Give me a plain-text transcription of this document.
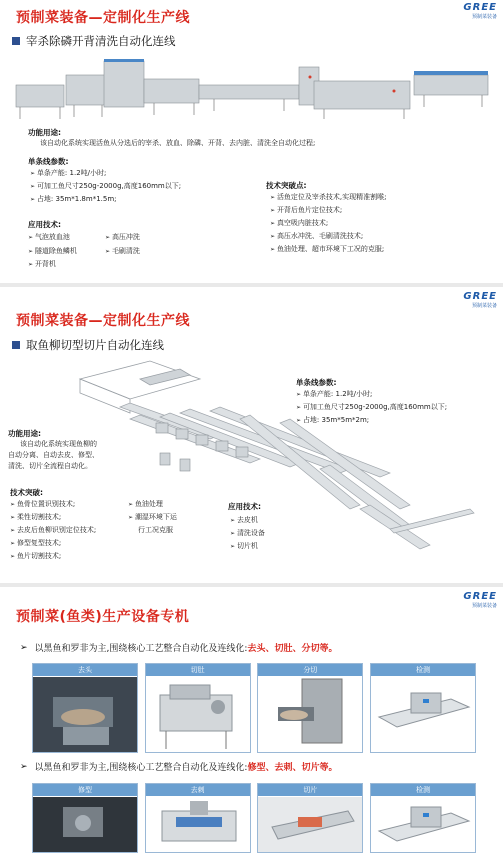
预制菜装备—定制化生产线
GREE
预制菜装备
宰杀除磷开背清洗自动化连线
功能用途:
该自动化系统实现活鱼从分选后的宰杀、放血、除磷、开背、去内脏、清洗全自动化过程;
单条线参数:
➢ 单条产能: 1.2吨/小时;
➢ 可加工鱼尺寸250g-2000g,高度160mm以下;
➢ 占地: 35m*1.8m*1.5m;
应用技术:
➢ 气泡放血池
➢ 隧道除鱼鳞机
➢ 开背机
➢ 高压冲洗
➢ 毛刷清洗
技术突破点:
➢ 活鱼定位及宰杀技术,实现精准割喉;
➢ 开背后鱼片定位技术;
➢ 真空吸内脏技术;
➢ 高压水冲洗、毛刷清洗技术;
➢ 鱼油处理、超市环境下工况的克服;
GREE
预制菜装备
预制菜装备—定制化生产线
取鱼柳切型切片自动化连线
单条线参数:
➢ 单条产能: 1.2吨/小时;
➢ 可加工鱼尺寸250g-2000g,高度160mm以下;
➢ 占地: 35m*5m*2m;
功能用途:
该自动化系统实现鱼柳的
自动分离、自动去皮、修型、
清洗、切片全流程自动化。
技术突破:
➢ 鱼骨位置识别技术;
➢ 柔性切割技术;
➢ 去皮后鱼柳识别定位技术;
➢ 修型复型技术;
➢ 鱼片切割技术;
➢ 鱼油处理
➢ 潮湿环境下运
行工况克服
应用技术:
➢ 去皮机
➢ 清洗设备
➢ 切片机
GREE
预制菜装备
预制菜(鱼类)生产设备专机
➢ 以黑鱼和罗非为主,围绕核心工艺整合自动化及连线化: 去头、切肚、分切等。
去头	切肚	分切	检测
➢ 以黑鱼和罗非为主,围绕核心工艺整合自动化及连线化: 修型、去刺、切片等。
修型	去刺	切片	检测
